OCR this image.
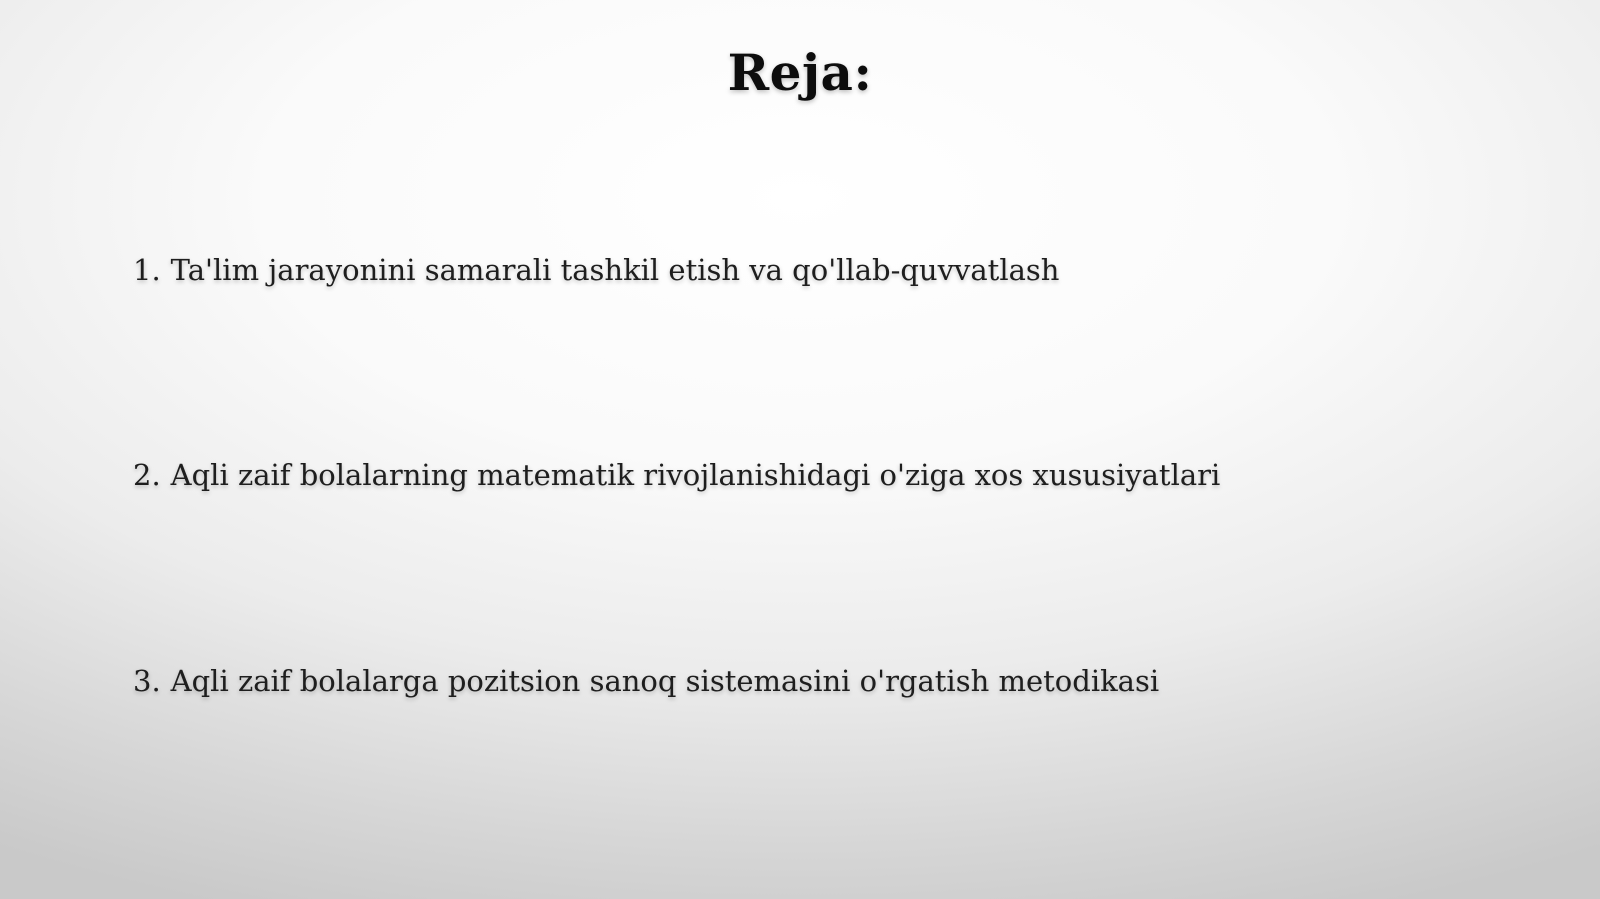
Reja:
1. Ta'lim jarayonini samarali tashkil etish va qo'llab-quvvatlash
2. Aqli zaif bolalarning matematik rivojlanishidagi o'ziga xos xususiyatlari
3. Aqli zaif bolalarga pozitsion sanoq sistemasini o'rgatish metodikasi
